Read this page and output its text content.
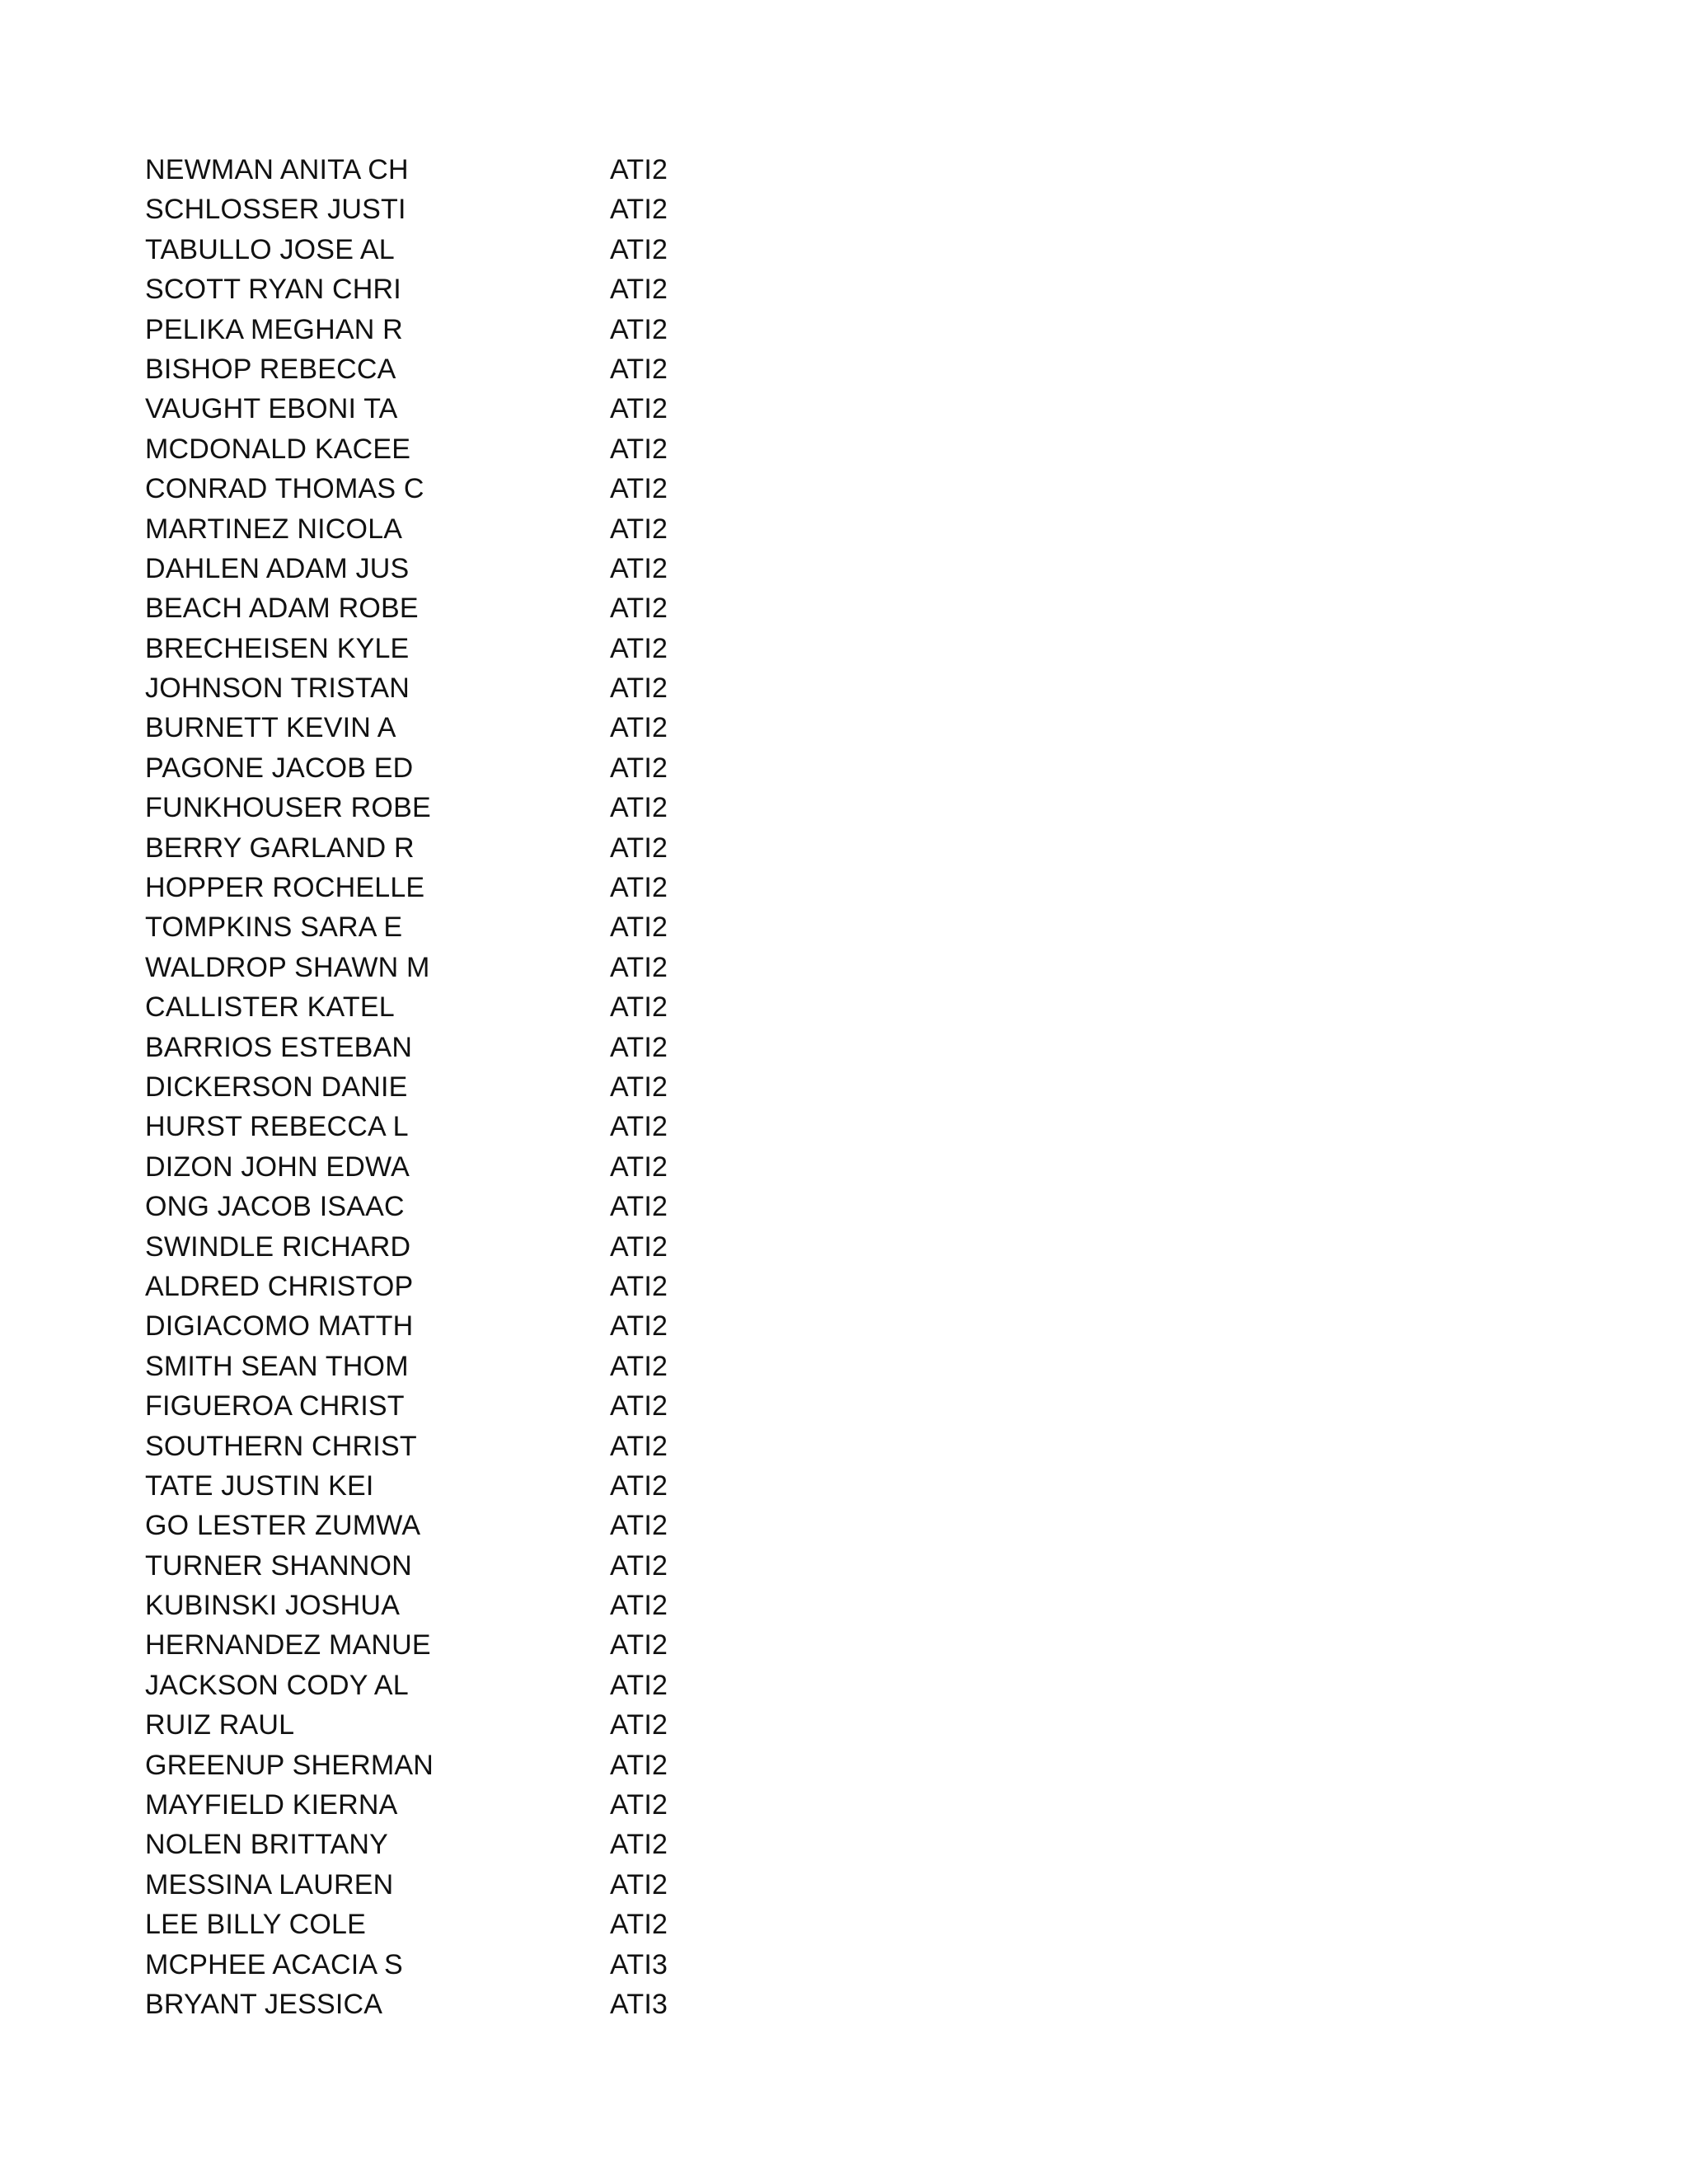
NEWMAN ANITA CH	ATI2
SCHLOSSER JUSTI	ATI2
TABULLO JOSE AL	ATI2
SCOTT RYAN CHRI	ATI2
PELIKA MEGHAN R	ATI2
BISHOP REBECCA	ATI2
VAUGHT EBONI TA	ATI2
MCDONALD KACEE	ATI2
CONRAD THOMAS C	ATI2
MARTINEZ NICOLA	ATI2
DAHLEN ADAM JUS	ATI2
BEACH ADAM ROBE	ATI2
BRECHEISEN KYLE	ATI2
JOHNSON TRISTAN	ATI2
BURNETT KEVIN A	ATI2
PAGONE JACOB ED	ATI2
FUNKHOUSER ROBE	ATI2
BERRY GARLAND R	ATI2
HOPPER ROCHELLE	ATI2
TOMPKINS SARA E	ATI2
WALDROP SHAWN M	ATI2
CALLISTER KATEL	ATI2
BARRIOS ESTEBAN	ATI2
DICKERSON DANIE	ATI2
HURST REBECCA L	ATI2
DIZON JOHN EDWA	ATI2
ONG JACOB ISAAC	ATI2
SWINDLE RICHARD	ATI2
ALDRED CHRISTOP	ATI2
DIGIACOMO MATTH	ATI2
SMITH SEAN THOM	ATI2
FIGUEROA CHRIST	ATI2
SOUTHERN CHRIST	ATI2
TATE JUSTIN KEI	ATI2
GO LESTER ZUMWA	ATI2
TURNER SHANNON	ATI2
KUBINSKI JOSHUA	ATI2
HERNANDEZ MANUE	ATI2
JACKSON CODY AL	ATI2
RUIZ RAUL	ATI2
GREENUP SHERMAN	ATI2
MAYFIELD KIERNA	ATI2
NOLEN BRITTANY	ATI2
MESSINA LAUREN	ATI2
LEE BILLY COLE	ATI2
MCPHEE ACACIA S	ATI3
BRYANT JESSICA	ATI3
